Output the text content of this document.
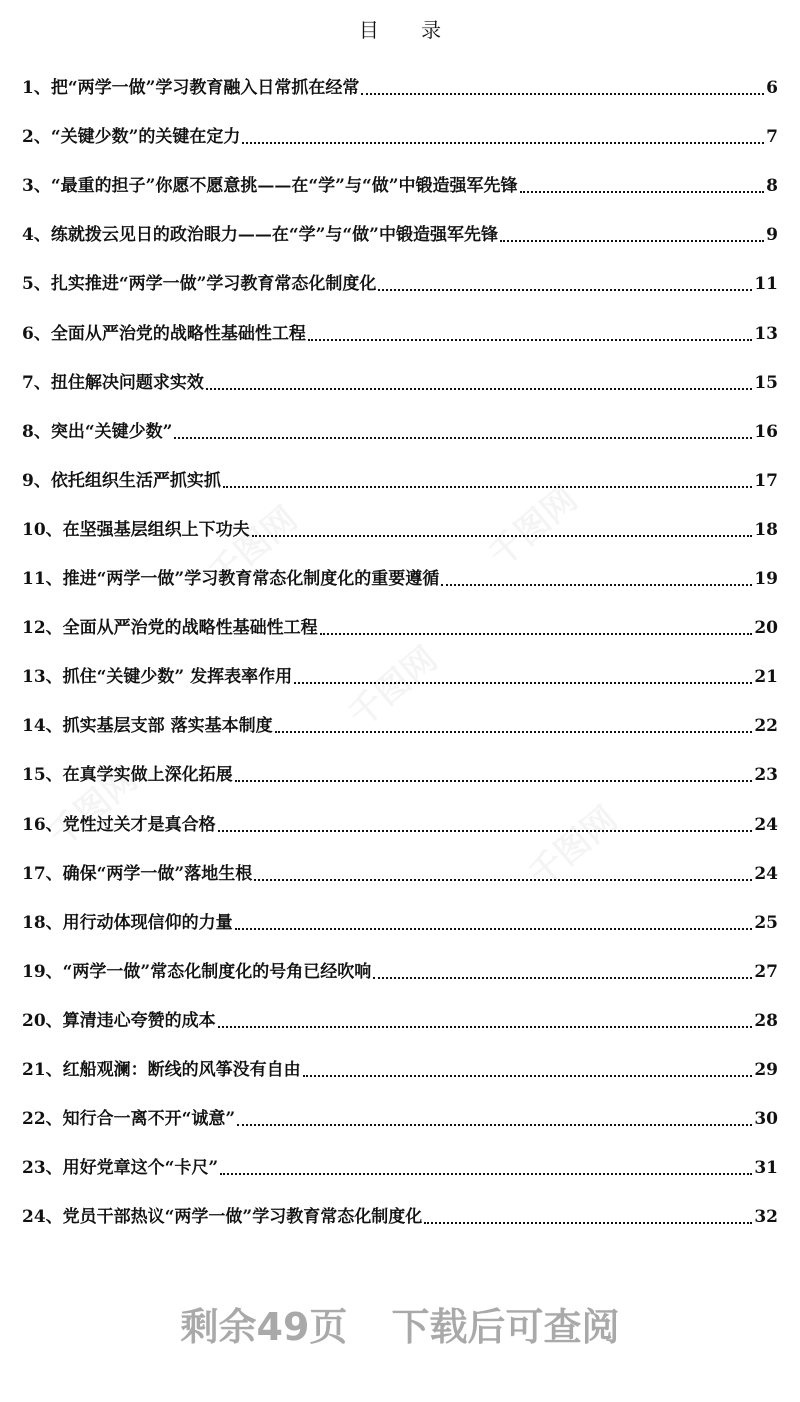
目 录
1、把“两学一做”学习教育融入日常抓在经常	6
2、“关键少数”的关键在定力	7
3、“最重的担子”你愿不愿意挑——在“学”与“做”中锻造强军先锋	8
4、练就拨云见日的政治眼力——在“学”与“做”中锻造强军先锋	9
5、扎实推进“两学一做”学习教育常态化制度化	11
6、全面从严治党的战略性基础性工程	13
7、扭住解决问题求实效	15
8、突出“关键少数”	16
9、依托组织生活严抓实抓	17
10、在坚强基层组织上下功夫	18
11、推进“两学一做”学习教育常态化制度化的重要遵循	19
12、全面从严治党的战略性基础性工程	20
13、抓住“关键少数” 发挥表率作用	21
14、抓实基层支部 落实基本制度	22
15、在真学实做上深化拓展	23
16、党性过关才是真合格	24
17、确保“两学一做”落地生根	24
18、用行动体现信仰的力量	25
19、“两学一做”常态化制度化的号角已经吹响	27
20、算清违心夸赞的成本	28
21、红船观澜：断线的风筝没有自由	29
22、知行合一离不开“诚意”	30
23、用好党章这个“卡尺”	31
24、党员干部热议“两学一做”学习教育常态化制度化	32
剩余49页 下载后可查阅
